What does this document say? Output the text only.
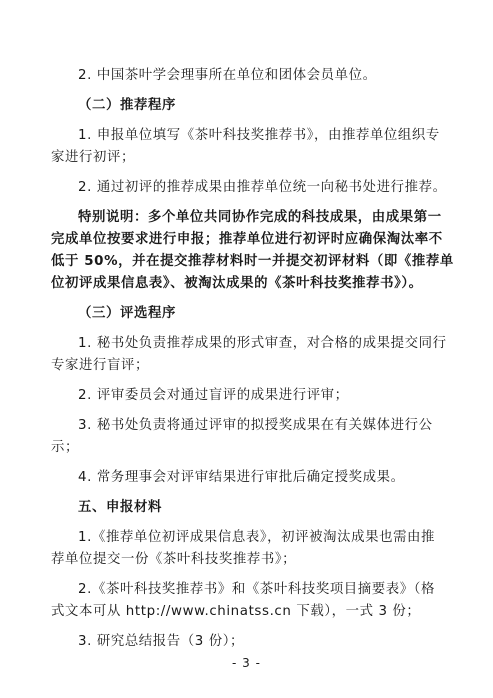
2. 中国茶叶学会理事所在单位和团体会员单位。
（二）推荐程序
1. 申报单位填写《茶叶科技奖推荐书》，由推荐单位组织专
家进行初评；
2. 通过初评的推荐成果由推荐单位统一向秘书处进行推荐。
特别说明：多个单位共同协作完成的科技成果，由成果第一
完成单位按要求进行申报；推荐单位进行初评时应确保淘汰率不
低于 50%，并在提交推荐材料时一并提交初评材料（即《推荐单
位初评成果信息表》、被淘汰成果的《茶叶科技奖推荐书》）。
（三）评选程序
1. 秘书处负责推荐成果的形式审查，对合格的成果提交同行
专家进行盲评；
2. 评审委员会对通过盲评的成果进行评审；
3. 秘书处负责将通过评审的拟授奖成果在有关媒体进行公
示；
4. 常务理事会对评审结果进行审批后确定授奖成果。
五、申报材料
1.《推荐单位初评成果信息表》，初评被淘汰成果也需由推
荐单位提交一份《茶叶科技奖推荐书》；
2.《茶叶科技奖推荐书》和《茶叶科技奖项目摘要表》（格
式文本可从 http://www.chinatss.cn 下载），一式 3 份；
3. 研究总结报告（3 份）；
- 3 -
